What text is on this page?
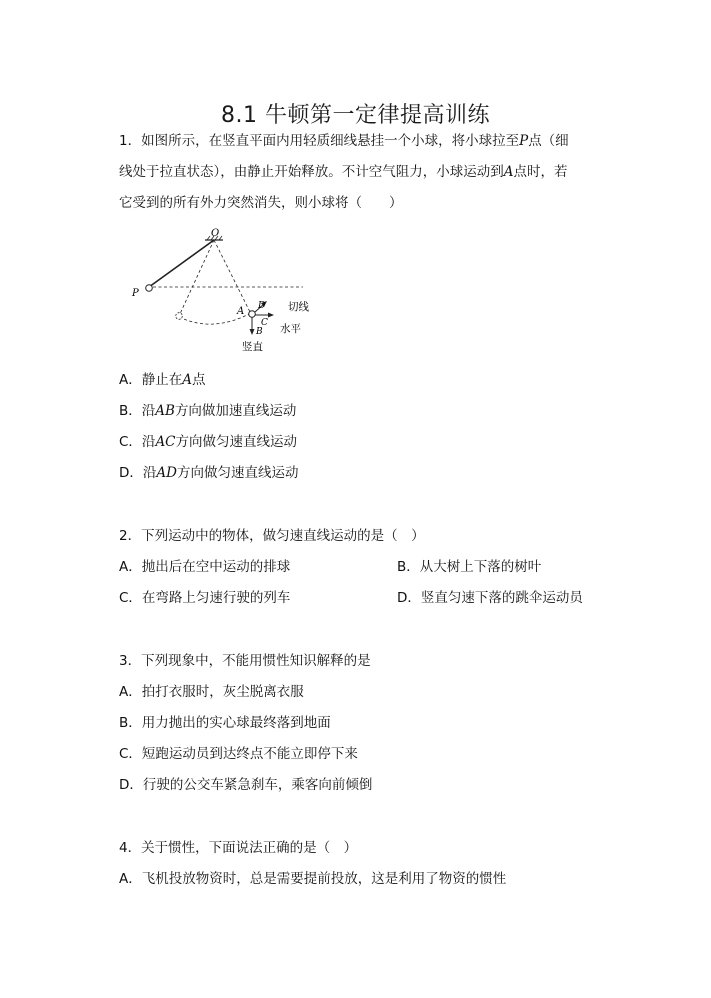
8.1 牛顿第一定律提高训练
1．如图所示，在竖直平面内用轻质细线悬挂一个小球，将小球拉至P点（细
线处于拉直状态），由静止开始释放。不计空气阻力，小球运动到A点时，若
它受到的所有外力突然消失，则小球将（　　）
O
P
A D 切线
C 水平
B
竖直
A．静止在A点
B．沿AB方向做加速直线运动
C．沿AC方向做匀速直线运动
D．沿AD方向做匀速直线运动
2．下列运动中的物体，做匀速直线运动的是（　）
A．抛出后在空中运动的排球	B．从大树上下落的树叶
C．在弯路上匀速行驶的列车	D．竖直匀速下落的跳伞运动员
3．下列现象中，不能用惯性知识解释的是
A．拍打衣服时，灰尘脱离衣服
B．用力抛出的实心球最终落到地面
C．短跑运动员到达终点不能立即停下来
D．行驶的公交车紧急刹车，乘客向前倾倒
4．关于惯性，下面说法正确的是（　）
A．飞机投放物资时，总是需要提前投放，这是利用了物资的惯性
